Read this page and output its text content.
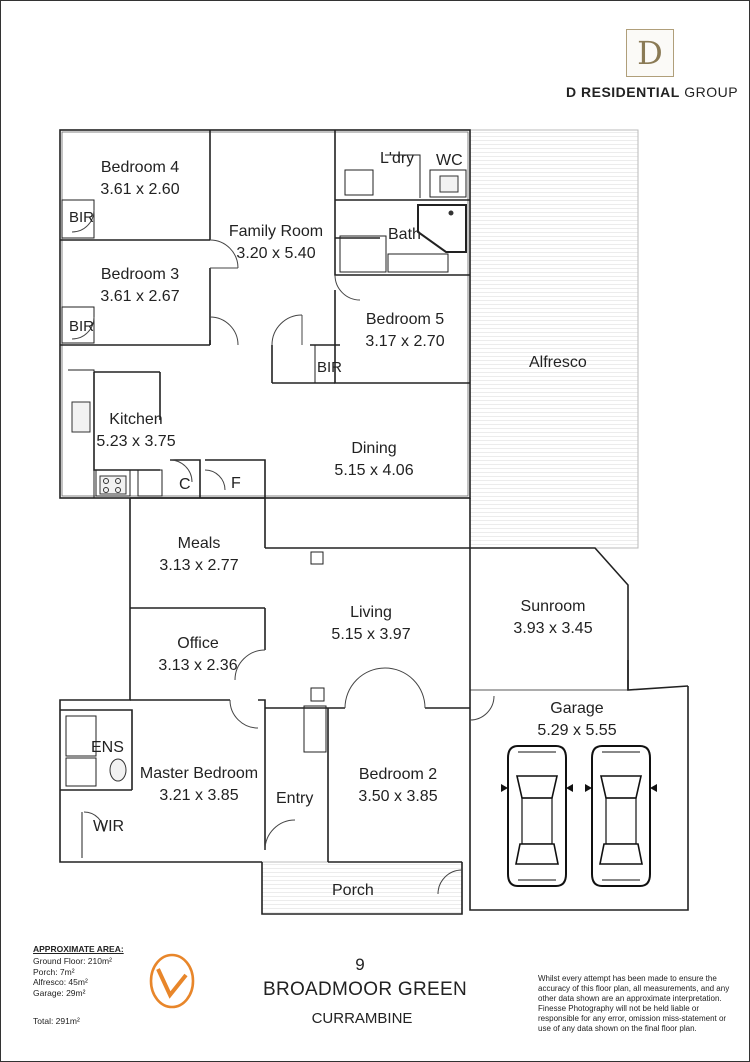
D
D RESIDENTIAL GROUP
Bedroom 4
3.61 x 2.60
Bedroom 3
3.61 x 2.67
Family Room
3.20 x 5.40
Bedroom 5
3.17 x 2.70
Kitchen
5.23 x 3.75	Dining
5.15 x 4.06
Meals
3.13 x 2.77
Living
5.15 x 3.97
Office
3.13 x 2.36
Master Bedroom
3.21 x 3.85
Bedroom 2
3.50 x 3.85
Sunroom
3.93 x 3.45
Garage
5.29 x 5.55
L'dry WC
Bath
BIR
BIR
BIR	Alfresco
C	F
ENS
WIR
Entry
Porch
APPROXIMATE AREA:
Ground Floor: 210m²
Porch: 7m²
Alfresco: 45m²
Garage: 29m²
Total: 291m²
9
BROADMOOR GREEN
CURRAMBINE
Whilst every attempt has been made to ensure the accuracy of this floor plan, all measurements, and any other data shown are an approximate interpretation. Finesse Photography will not be held liable or responsible for any error, omission miss-statement or use of any data shown on the final floor plan.
